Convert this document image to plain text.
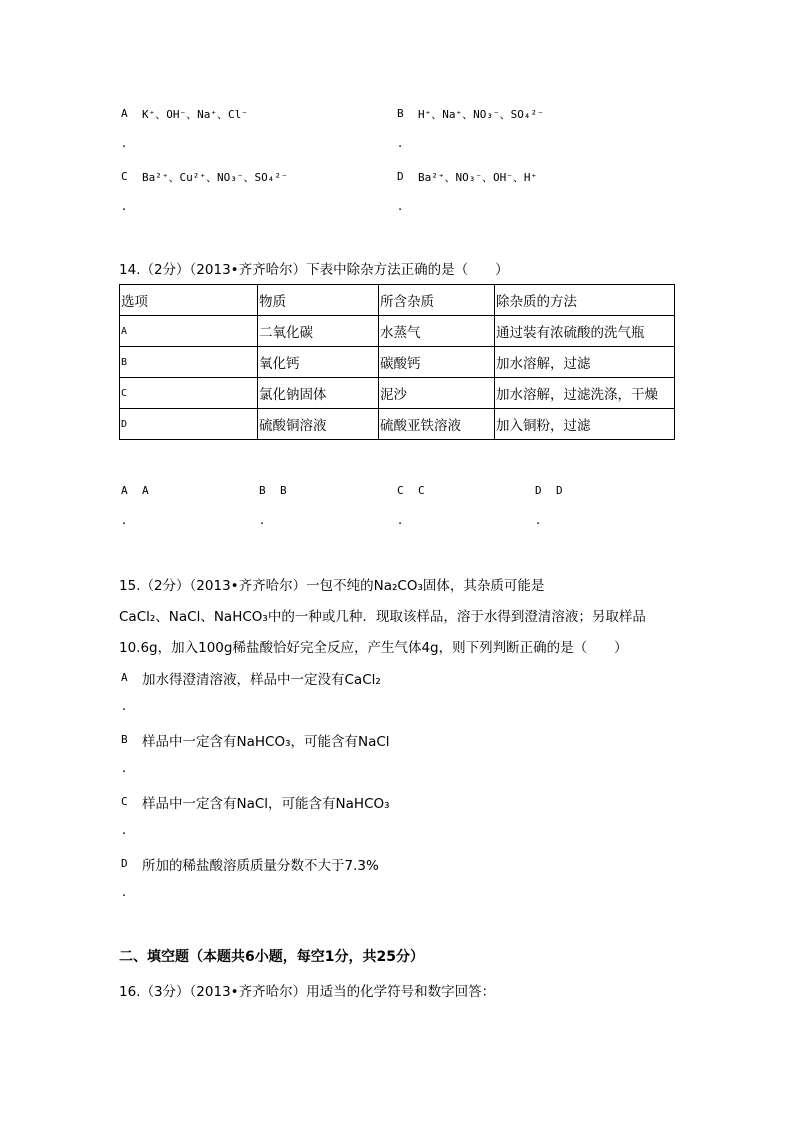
A K⁺、OH⁻、Na⁺、Cl⁻
.
B H⁺、Na⁺、NO₃⁻、SO₄²⁻
.
C Ba²⁺、Cu²⁺、NO₃⁻、SO₄²⁻
.
D Ba²⁺、NO₃⁻、OH⁻、H⁺
.
14.（2分）（2013•齐齐哈尔）下表中除杂方法正确的是（　　）
选项	物质	所含杂质	除杂质的方法
A	二氧化碳	水蒸气	通过装有浓硫酸的洗气瓶
B	氧化钙	碳酸钙	加水溶解，过滤
C	氯化钠固体	泥沙	加水溶解，过滤洗涤，干燥
D	硫酸铜溶液	硫酸亚铁溶液	加入铜粉，过滤
A A
.
B B
.
C C
.
D D
.
15.（2分）（2013•齐齐哈尔）一包不纯的Na₂CO₃固体，其杂质可能是
CaCl₂、NaCl、NaHCO₃中的一种或几种．现取该样品，溶于水得到澄清溶液；另取样品
10.6g，加入100g稀盐酸恰好完全反应，产生气体4g，则下列判断正确的是（　　）
A 加水得澄清溶液，样品中一定没有CaCl₂
.
B 样品中一定含有NaHCO₃，可能含有NaCl
.
C 样品中一定含有NaCl，可能含有NaHCO₃
.
D 所加的稀盐酸溶质质量分数不大于7.3%
.
二、填空题（本题共6小题，每空1分，共25分）
16.（3分）（2013•齐齐哈尔）用适当的化学符号和数字回答：
